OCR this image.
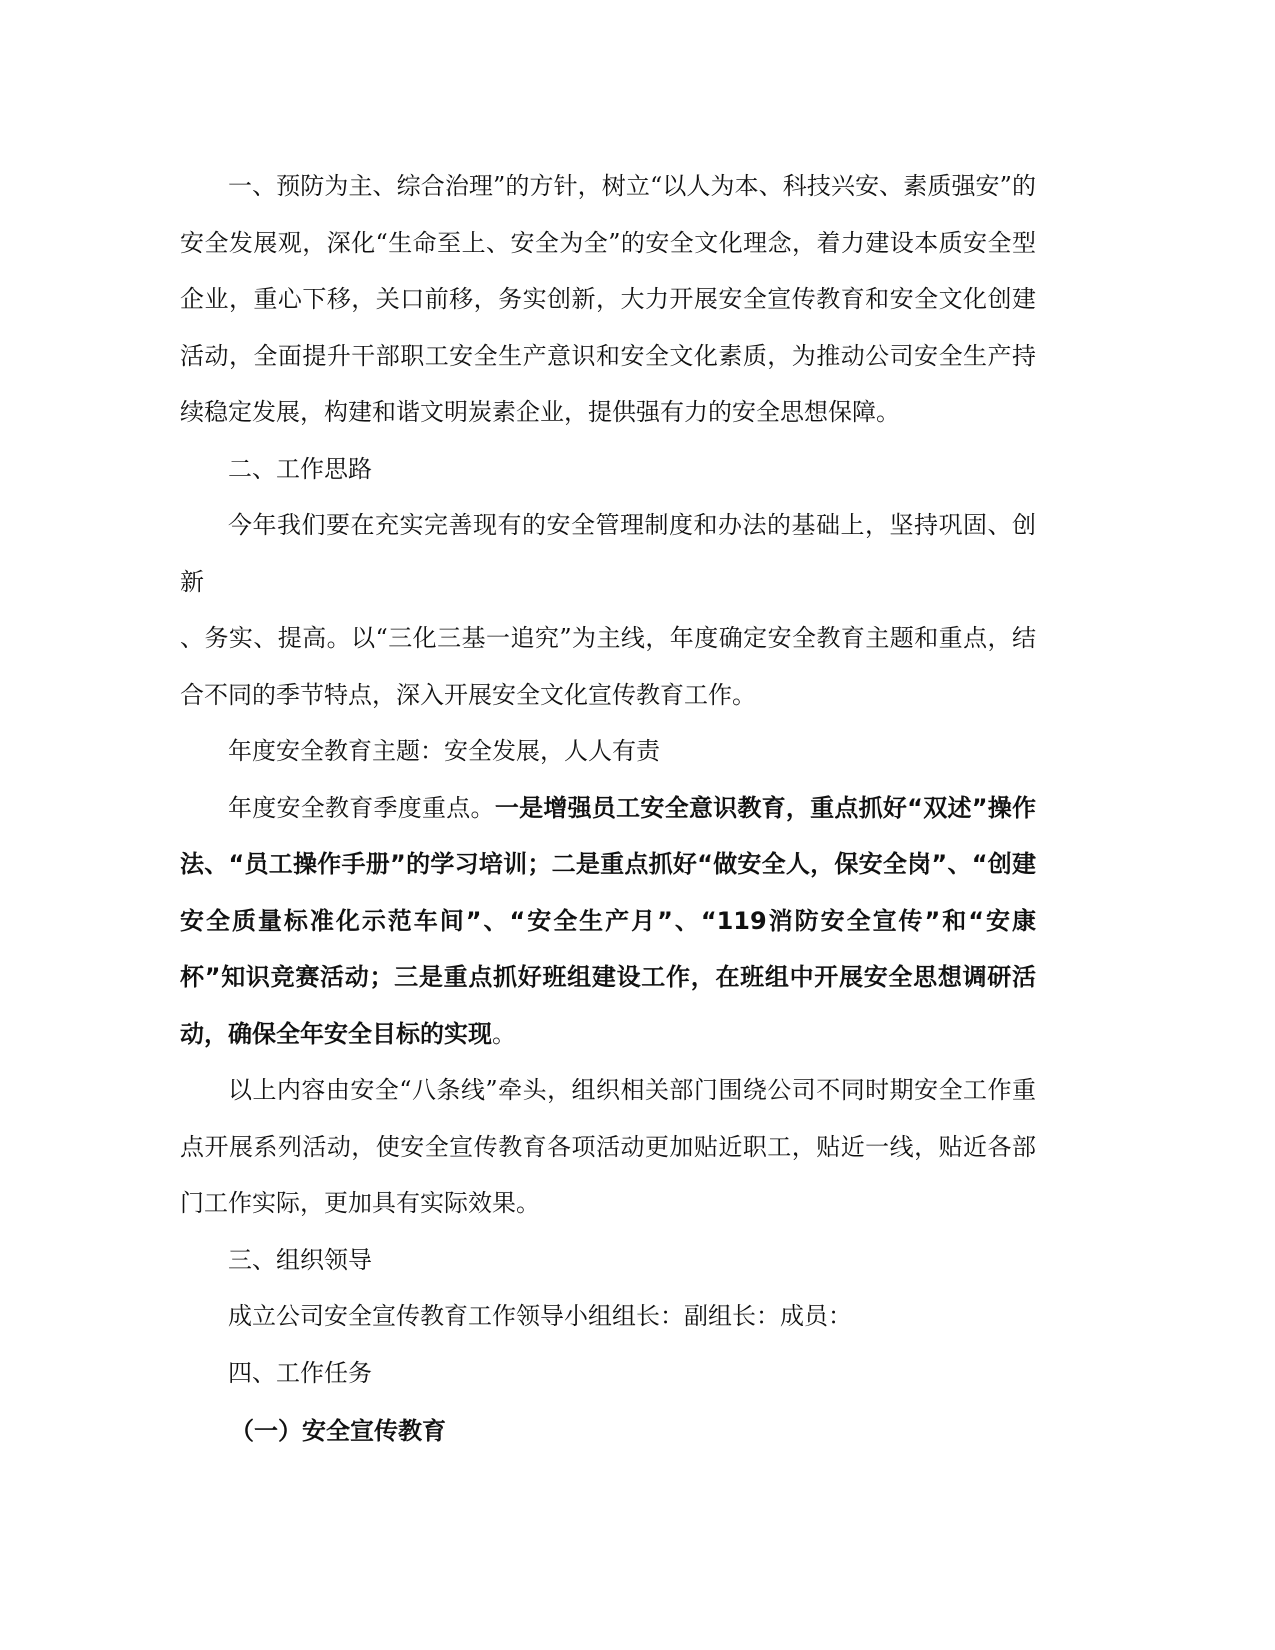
一、预防为主、综合治理”的方针，树立“以人为本、科技兴安、素质强安”的安全发展观，深化“生命至上、安全为全”的安全文化理念，着力建设本质安全型企业，重心下移，关口前移，务实创新，大力开展安全宣传教育和安全文化创建活动，全面提升干部职工安全生产意识和安全文化素质，为推动公司安全生产持续稳定发展，构建和谐文明炭素企业，提供强有力的安全思想保障。

二、工作思路

今年我们要在充实完善现有的安全管理制度和办法的基础上，坚持巩固、创新

、务实、提高。以“三化三基一追究”为主线，年度确定安全教育主题和重点，结合不同的季节特点，深入开展安全文化宣传教育工作。

年度安全教育主题：安全发展，人人有责

年度安全教育季度重点。一是增强员工安全意识教育，重点抓好“双述”操作法、“员工操作手册”的学习培训；二是重点抓好“做安全人，保安全岗”、“创建安全质量标准化示范车间”、“安全生产月”、“119消防安全宣传”和“安康杯”知识竞赛活动；三是重点抓好班组建设工作，在班组中开展安全思想调研活动，确保全年安全目标的实现。

以上内容由安全“八条线”牵头，组织相关部门围绕公司不同时期安全工作重点开展系列活动，使安全宣传教育各项活动更加贴近职工，贴近一线，贴近各部门工作实际，更加具有实际效果。

三、组织领导

成立公司安全宣传教育工作领导小组组长：副组长：成员：

四、工作任务

（一）安全宣传教育
